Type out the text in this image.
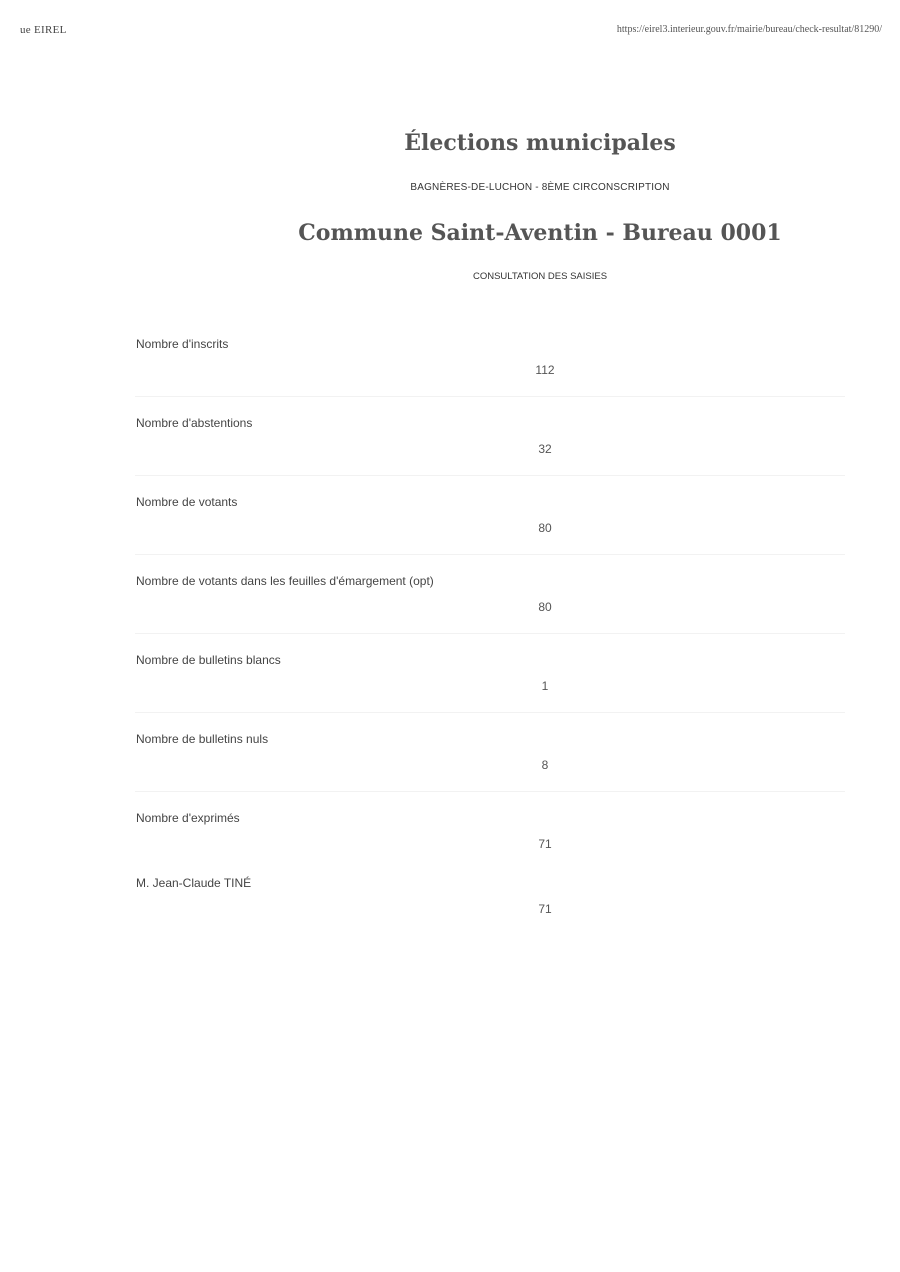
ue EIREL	https://eirel3.interieur.gouv.fr/mairie/bureau/check-resultat/81290/
Élections municipales
BAGNÈRES-DE-LUCHON - 8ÈME CIRCONSCRIPTION
Commune Saint-Aventin - Bureau 0001
CONSULTATION DES SAISIES
Nombre d'inscrits
112
Nombre d'abstentions
32
Nombre de votants
80
Nombre de votants dans les feuilles d'émargement (opt)
80
Nombre de bulletins blancs
1
Nombre de bulletins nuls
8
Nombre d'exprimés
71
M. Jean-Claude TINÉ
71
